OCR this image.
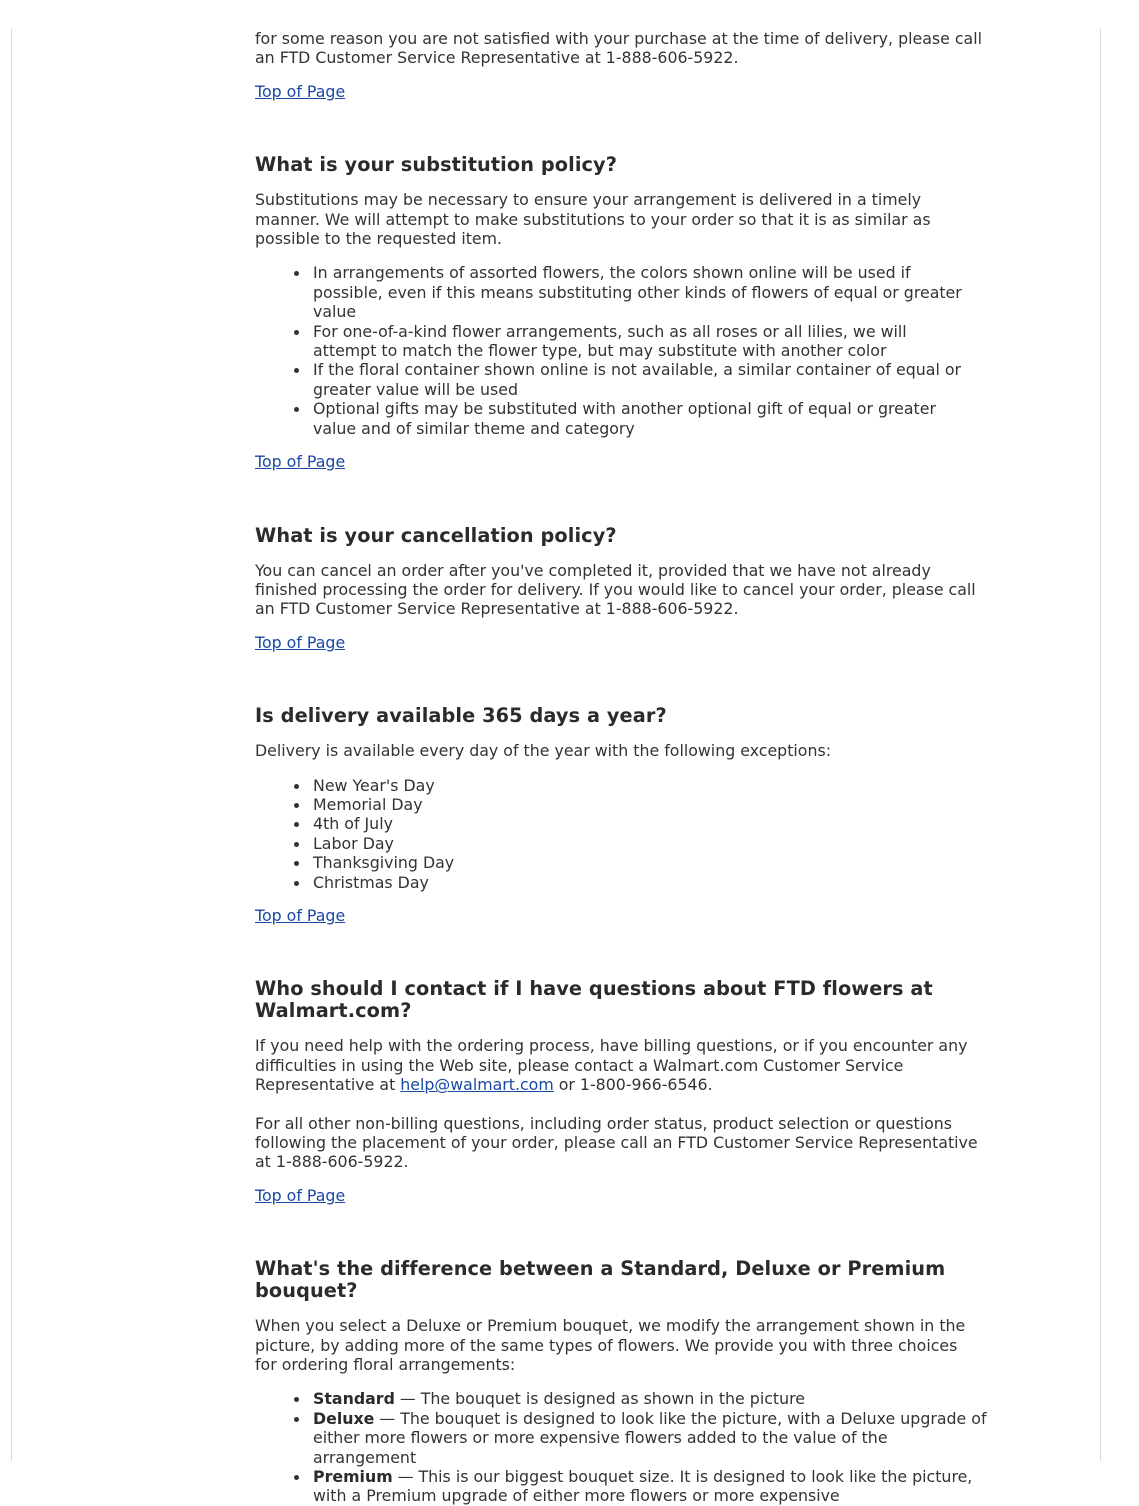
for some reason you are not satisfied with your purchase at the time of delivery, please call an FTD Customer Service Representative at 1-888-606-5922.

Top of Page
What is your substitution policy?

Substitutions may be necessary to ensure your arrangement is delivered in a timely manner. We will attempt to make substitutions to your order so that it is as similar as possible to the requested item.

In arrangements of assorted flowers, the colors shown online will be used if possible, even if this means substituting other kinds of flowers of equal or greater value
For one-of-a-kind flower arrangements, such as all roses or all lilies, we will attempt to match the flower type, but may substitute with another color
If the floral container shown online is not available, a similar container of equal or greater value will be used
Optional gifts may be substituted with another optional gift of equal or greater value and of similar theme and category
Top of Page
What is your cancellation policy?

You can cancel an order after you've completed it, provided that we have not already finished processing the order for delivery. If you would like to cancel your order, please call an FTD Customer Service Representative at 1-888-606-5922.

Top of Page
Is delivery available 365 days a year?

Delivery is available every day of the year with the following exceptions:

New Year's Day
Memorial Day
4th of July
Labor Day
Thanksgiving Day
Christmas Day
Top of Page
Who should I contact if I have questions about FTD flowers at Walmart.com?

If you need help with the ordering process, have billing questions, or if you encounter any difficulties in using the Web site, please contact a Walmart.com Customer Service Representative at help@walmart.com or 1-800-966-6546.

For all other non-billing questions, including order status, product selection or questions following the placement of your order, please call an FTD Customer Service Representative at 1-888-606-5922.

Top of Page
What's the difference between a Standard, Deluxe or Premium bouquet?

When you select a Deluxe or Premium bouquet, we modify the arrangement shown in the picture, by adding more of the same types of flowers. We provide you with three choices for ordering floral arrangements:

Standard — The bouquet is designed as shown in the picture
Deluxe — The bouquet is designed to look like the picture, with a Deluxe upgrade of either more flowers or more expensive flowers added to the value of the arrangement
Premium — This is our biggest bouquet size. It is designed to look like the picture, with a Premium upgrade of either more flowers or more expensive
